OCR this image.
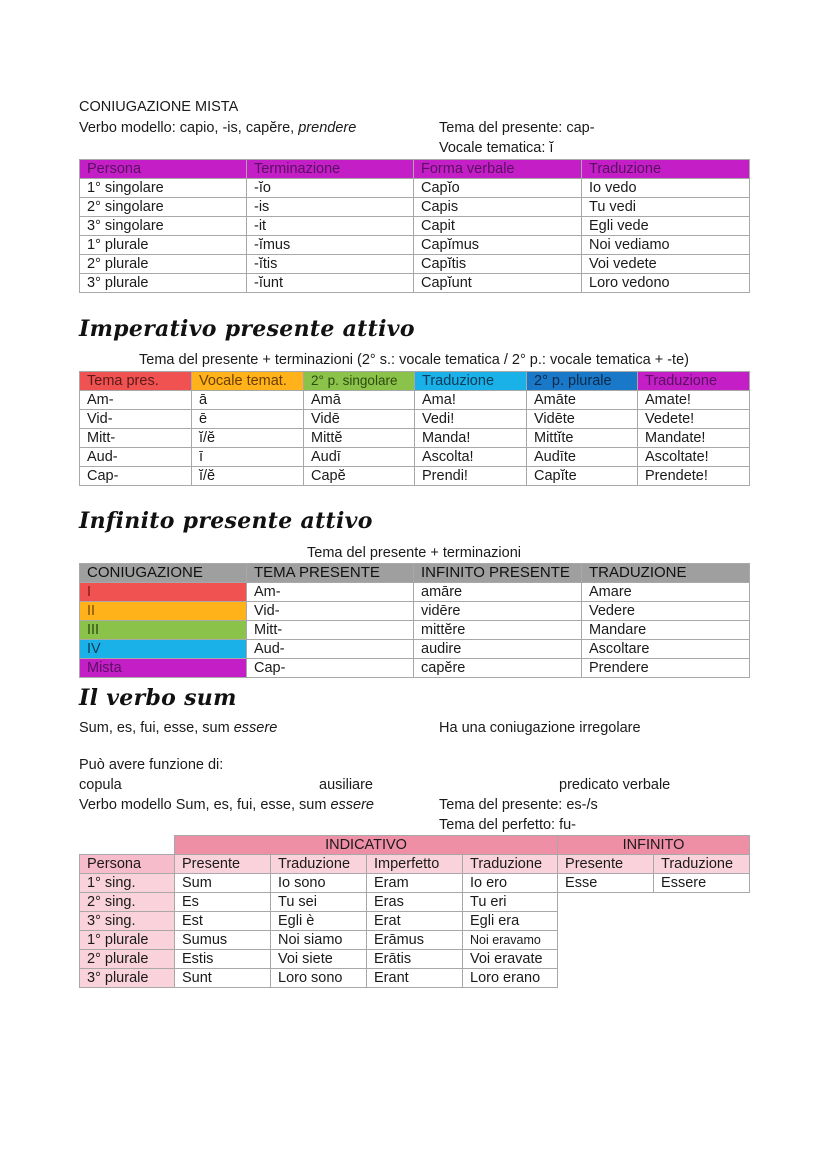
CONIUGAZIONE MISTA
Verbo modello: capio, -is, capĕre, prendere	Tema del presente: cap-
Vocale tematica: ĭ
Persona	Terminazione	Forma verbale	Traduzione
1° singolare	-ĭo	Capĭo	Io vedo
2° singolare	-is	Capis	Tu vedi
3° singolare	-it	Capit	Egli vede
1° plurale	-ĭmus	Capĭmus	Noi vediamo
2° plurale	-ĭtis	Capĭtis	Voi vedete
3° plurale	-ĭunt	Capĭunt	Loro vedono
Imperativo presente attivo
Tema del presente + terminazioni (2° s.: vocale tematica / 2° p.: vocale tematica + -te)
Tema pres.	Vocale temat.	2° p. singolare	Traduzione	2° p. plurale	Traduzione
Am-	ā	Amā	Ama!	Amāte	Amate!
Vid-	ē	Vidē	Vedi!	Vidēte	Vedete!
Mitt-	ĭ/ĕ	Mittĕ	Manda!	Mittĭte	Mandate!
Aud-	ī	Audī	Ascolta!	Audīte	Ascoltate!
Cap-	ĭ/ĕ	Capĕ	Prendi!	Capĭte	Prendete!
Infinito presente attivo
Tema del presente + terminazioni
CONIUGAZIONE	TEMA PRESENTE	INFINITO PRESENTE	TRADUZIONE
I	Am-	amāre	Amare
II	Vid-	vidēre	Vedere
III	Mitt-	mittĕre	Mandare
IV	Aud-	audire	Ascoltare
Mista	Cap-	capĕre	Prendere
Il verbo sum
Sum, es, fui, esse, sum essere	Ha una coniugazione irregolare
Può avere funzione di:
copula	ausiliare	predicato verbale
Verbo modello Sum, es, fui, esse, sum essere	Tema del presente: es-/s
Tema del perfetto: fu-
	INDICATIVO				INFINITO	
Persona	Presente	Traduzione	Imperfetto	Traduzione	Presente	Traduzione
1° sing.	Sum	Io sono	Eram	Io ero	Esse	Essere
2° sing.	Es	Tu sei	Eras	Tu eri		
3° sing.	Est	Egli è	Erat	Egli era		
1° plurale	Sumus	Noi siamo	Erāmus	Noi eravamo		
2° plurale	Estis	Voi siete	Erātis	Voi eravate		
3° plurale	Sunt	Loro sono	Erant	Loro erano		
